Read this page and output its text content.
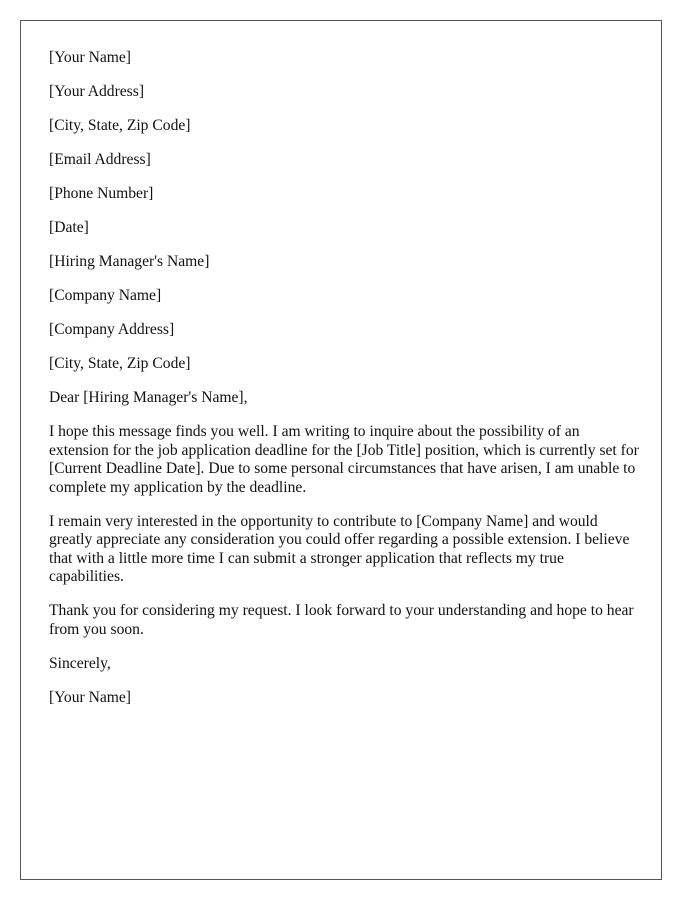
[Your Name]

[Your Address]

[City, State, Zip Code]

[Email Address]

[Phone Number]

[Date]

[Hiring Manager's Name]

[Company Name]

[Company Address]

[City, State, Zip Code]

Dear [Hiring Manager's Name],

I hope this message finds you well. I am writing to inquire about the possibility of an extension for the job application deadline for the [Job Title] position, which is currently set for [Current Deadline Date]. Due to some personal circumstances that have arisen, I am unable to complete my application by the deadline.

I remain very interested in the opportunity to contribute to [Company Name] and would greatly appreciate any consideration you could offer regarding a possible extension. I believe that with a little more time I can submit a stronger application that reflects my true capabilities.

Thank you for considering my request. I look forward to your understanding and hope to hear from you soon.

Sincerely,

[Your Name]
